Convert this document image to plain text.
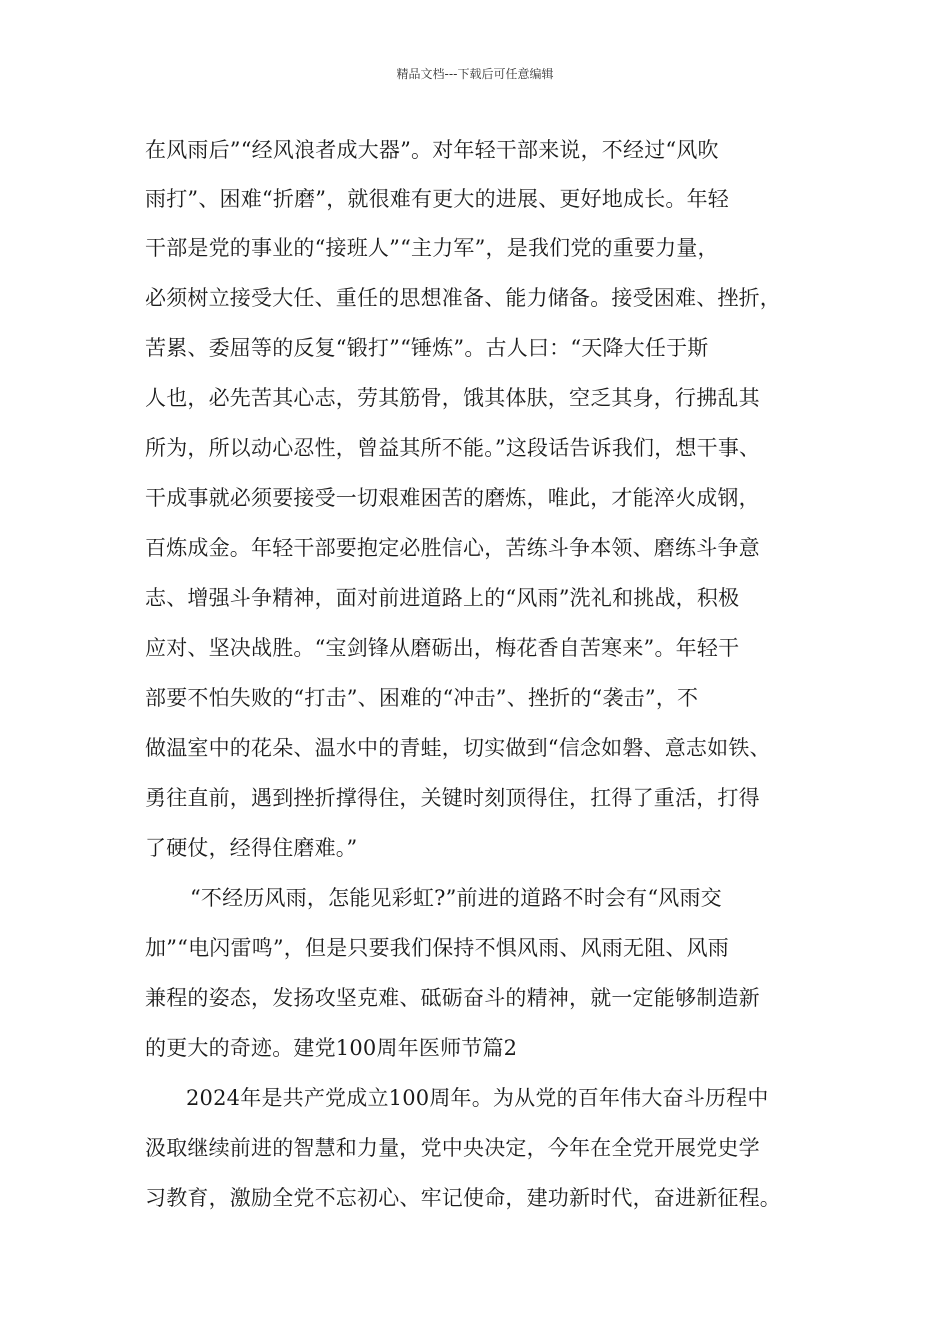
精品文档---下载后可任意编辑
在风雨后”“经风浪者成大器”。对年轻干部来说，不经过“风吹
雨打”、困难“折磨”，就很难有更大的进展、更好地成长。年轻
干部是党的事业的“接班人”“主力军”，是我们党的重要力量，
必须树立接受大任、重任的思想准备、能力储备。接受困难、挫折，
苦累、委屈等的反复“锻打”“锤炼”。古人曰：“天降大任于斯
人也，必先苦其心志，劳其筋骨，饿其体肤，空乏其身，行拂乱其
所为，所以动心忍性，曾益其所不能。”这段话告诉我们，想干事、
干成事就必须要接受一切艰难困苦的磨炼，唯此，才能淬火成钢，
百炼成金。年轻干部要抱定必胜信心，苦练斗争本领、磨练斗争意
志、增强斗争精神，面对前进道路上的“风雨”洗礼和挑战，积极
应对、坚决战胜。“宝剑锋从磨砺出，梅花香自苦寒来”。年轻干
部要不怕失败的“打击”、困难的“冲击”、挫折的“袭击”，不
做温室中的花朵、温水中的青蛙，切实做到“信念如磐、意志如铁、
勇往直前，遇到挫折撑得住，关键时刻顶得住，扛得了重活，打得
了硬仗，经得住磨难。”
“不经历风雨，怎能见彩虹?”前进的道路不时会有“风雨交
加”“电闪雷鸣”，但是只要我们保持不惧风雨、风雨无阻、风雨
兼程的姿态，发扬攻坚克难、砥砺奋斗的精神，就一定能够制造新
的更大的奇迹。建党100周年医师节篇2
2024年是共产党成立100周年。为从党的百年伟大奋斗历程中
汲取继续前进的智慧和力量，党中央决定，今年在全党开展党史学
习教育，激励全党不忘初心、牢记使命，建功新时代，奋进新征程。
